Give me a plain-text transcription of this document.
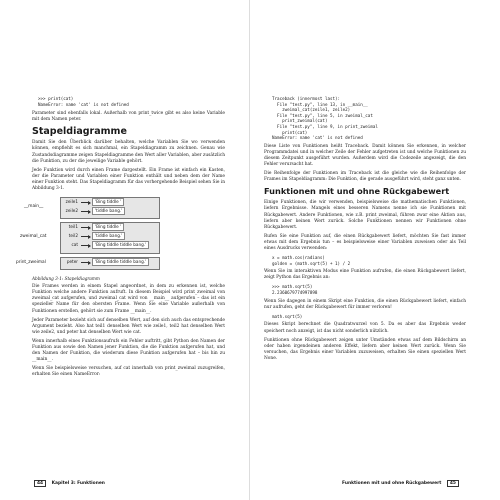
>>> print(cat)
NameError: name 'cat' is not defined

Parameter sind ebenfalls lokal. Außerhalb von print_twice gibt es also keine Variable mit dem Namen peter.

Stapeldiagramme

Damit Sie den Überblick darüber behalten, welche Variablen Sie wo verwenden können, empfiehlt es sich manchmal, ein Stapeldiagramm zu zeichnen. Genau wie Zustandsdiagramme zeigen Stapeldiagramme den Wert aller Variablen, aber zusätzlich die Funktion, zu der die jeweilige Variable gehört.

Jede Funktion wird durch einen Frame dargestellt. Ein Frame ist einfach ein Kasten, der die Parameter und Variablen einer Funktion enthält und neben dem der Name einer Funktion steht. Das Stapeldiagramm für das vorhergehende Beispiel sehen Sie in Abbildung 3-1.

__main__
zeile1	'Bing tiddle '
zeile2	'tiddle bang.'
zweimal_cat
teil1	'Bing tiddle '
teil2	'tiddle bang.'
cat	'Bing tiddle tiddle bang.'
print_zweimal	peter	'Bing tiddle tiddle bang.'

Abbildung 3-1: Stapeldiagramm

Die Frames werden in einem Stapel angeordnet, in dem zu erkennen ist, welche Funktion welche andere Funktion aufruft. In diesem Beispiel wird print_zweimal von zweimal_cat aufgerufen, und zweimal_cat wird von __main__ aufgerufen – das ist ein spezieller Name für den obersten Frame. Wenn Sie eine Variable außerhalb von Funktionen erstellen, gehört sie zum Frame __main__.

Jeder Parameter bezieht sich auf denselben Wert, auf den sich auch das entsprechende Argument bezieht. Also hat teil1 denselben Wert wie zeile1, teil2 hat denselben Wert wie zeile2, und peter hat denselben Wert wie cat.

Wenn innerhalb eines Funktionsaufrufs ein Fehler auftritt, gibt Python den Namen der Funktion aus sowie den Namen jener Funktion, die die Funktion aufgerufen hat, und den Namen der Funktion, die wiederum diese Funktion aufgerufen hat – bis hin zu __main__.

Wenn Sie beispielsweise versuchen, auf cat innerhalb von print_zweimal zuzugreifen, erhalten Sie einen NameError:

44 Kapitel 3: Funktionen
Traceback (innermost last):
File "test.py", line 13, in __main__
zweimal_cat(zeile1, zeile2)
File "test.py", line 5, in zweimal_cat
print_zweimal(cat)
File "test.py", line 9, in print_zweimal
print(cat)
NameError: name 'cat' is not defined

Diese Liste von Funktionen heißt Traceback. Damit können Sie erkennen, in welcher Programmdatei und in welcher Zeile der Fehler aufgetreten ist und welche Funktionen zu diesem Zeitpunkt ausgeführt wurden. Außerdem wird die Codezeile angezeigt, die den Fehler verursacht hat.

Die Reihenfolge der Funktionen im Traceback ist die gleiche wie die Reihenfolge der Frames im Stapeldiagramm: Die Funktion, die gerade ausgeführt wird, steht ganz unten.

Funktionen mit und ohne Rückgabewert

Einige Funktionen, die wir verwenden, beispielsweise die mathematischen Funktionen, liefern Ergebnisse. Mangels eines besseren Namens nenne ich sie Funktionen mit Rückgabewert. Andere Funktionen, wie z.B. print_zweimal, führen zwar eine Aktion aus, liefern aber keinen Wert zurück. Solche Funktionen nennen wir Funktionen ohne Rückgabewert.

Rufen Sie eine Funktion auf, die einen Rückgabewert liefert, möchten Sie fast immer etwas mit dem Ergebnis tun – es beispielsweise einer Variablen zuweisen oder als Teil eines Ausdrucks verwenden:

x = math.cos(radians)
golden = (math.sqrt(5) + 1) / 2

Wenn Sie im interaktiven Modus eine Funktion aufrufen, die einen Rückgabewert liefert, zeigt Python das Ergebnis an:

>>> math.sqrt(5)
2.2360679774997898

Wenn Sie dagegen in einem Skript eine Funktion, die einen Rückgabewert liefert, einfach nur aufrufen, geht der Rückgabewert für immer verloren!

math.sqrt(5)

Dieses Skript berechnet die Quadratwurzel von 5. Da es aber das Ergebnis weder speichert noch anzeigt, ist das nicht sonderlich nützlich.

Funktionen ohne Rückgabewert zeigen unter Umständen etwas auf dem Bildschirm an oder haben irgendeinen anderen Effekt, liefern aber keinen Wert zurück. Wenn Sie versuchen, das Ergebnis einer Variablen zuzuweisen, erhalten Sie einen speziellen Wert None.

Funktionen mit und ohne Rückgabewert 45
